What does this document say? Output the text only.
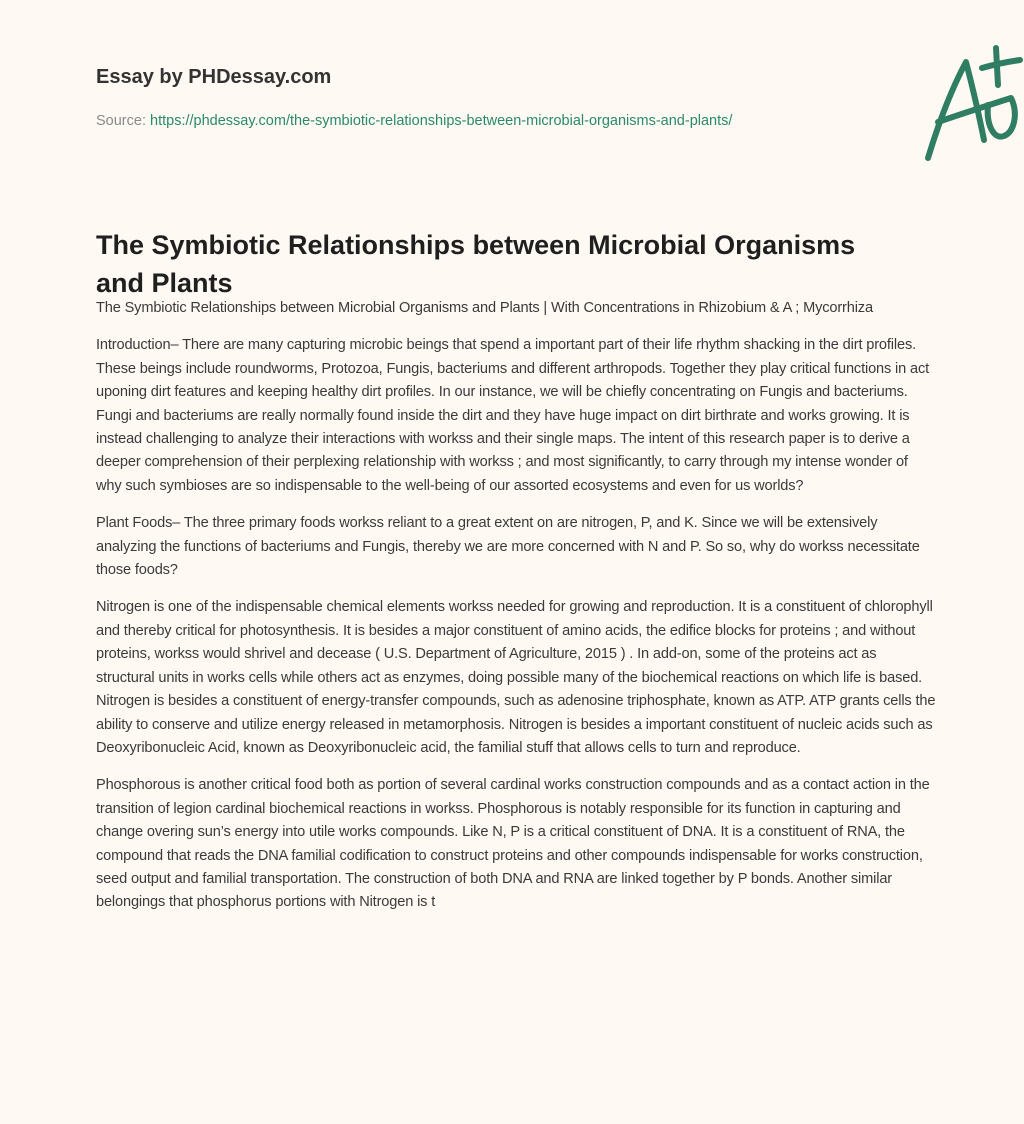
Essay by PHDessay.com
Source: https://phdessay.com/the-symbiotic-relationships-between-microbial-organisms-and-plants/
The Symbiotic Relationships between Microbial Organisms and Plants

The Symbiotic Relationships between Microbial Organisms and Plants | With Concentrations in Rhizobium & A ; Mycorrhiza

Introduction– There are many capturing microbic beings that spend a important part of their life rhythm shacking in the dirt profiles. These beings include roundworms, Protozoa, Fungis, bacteriums and different arthropods. Together they play critical functions in act uponing dirt features and keeping healthy dirt profiles. In our instance, we will be chiefly concentrating on Fungis and bacteriums. Fungi and bacteriums are really normally found inside the dirt and they have huge impact on dirt birthrate and works growing. It is instead challenging to analyze their interactions with workss and their single maps. The intent of this research paper is to derive a deeper comprehension of their perplexing relationship with workss ; and most significantly, to carry through my intense wonder of why such symbioses are so indispensable to the well-being of our assorted ecosystems and even for us worlds?

Plant Foods– The three primary foods workss reliant to a great extent on are nitrogen, P, and K. Since we will be extensively analyzing the functions of bacteriums and Fungis, thereby we are more concerned with N and P. So so, why do workss necessitate those foods?

Nitrogen is one of the indispensable chemical elements workss needed for growing and reproduction. It is a constituent of chlorophyll and thereby critical for photosynthesis. It is besides a major constituent of amino acids, the edifice blocks for proteins ; and without proteins, workss would shrivel and decease ( U.S. Department of Agriculture, 2015 ) . In add-on, some of the proteins act as structural units in works cells while others act as enzymes, doing possible many of the biochemical reactions on which life is based. Nitrogen is besides a constituent of energy-transfer compounds, such as adenosine triphosphate, known as ATP. ATP grants cells the ability to conserve and utilize energy released in metamorphosis. Nitrogen is besides a important constituent of nucleic acids such as Deoxyribonucleic Acid, known as Deoxyribonucleic acid, the familial stuff that allows cells to turn and reproduce.

Phosphorous is another critical food both as portion of several cardinal works construction compounds and as a contact action in the transition of legion cardinal biochemical reactions in workss. Phosphorous is notably responsible for its function in capturing and change overing sun’s energy into utile works compounds. Like N, P is a critical constituent of DNA. It is a constituent of RNA, the compound that reads the DNA familial codification to construct proteins and other compounds indispensable for works construction, seed output and familial transportation. The construction of both DNA and RNA are linked together by P bonds. Another similar belongings that phosphorus portions with Nitrogen is t
